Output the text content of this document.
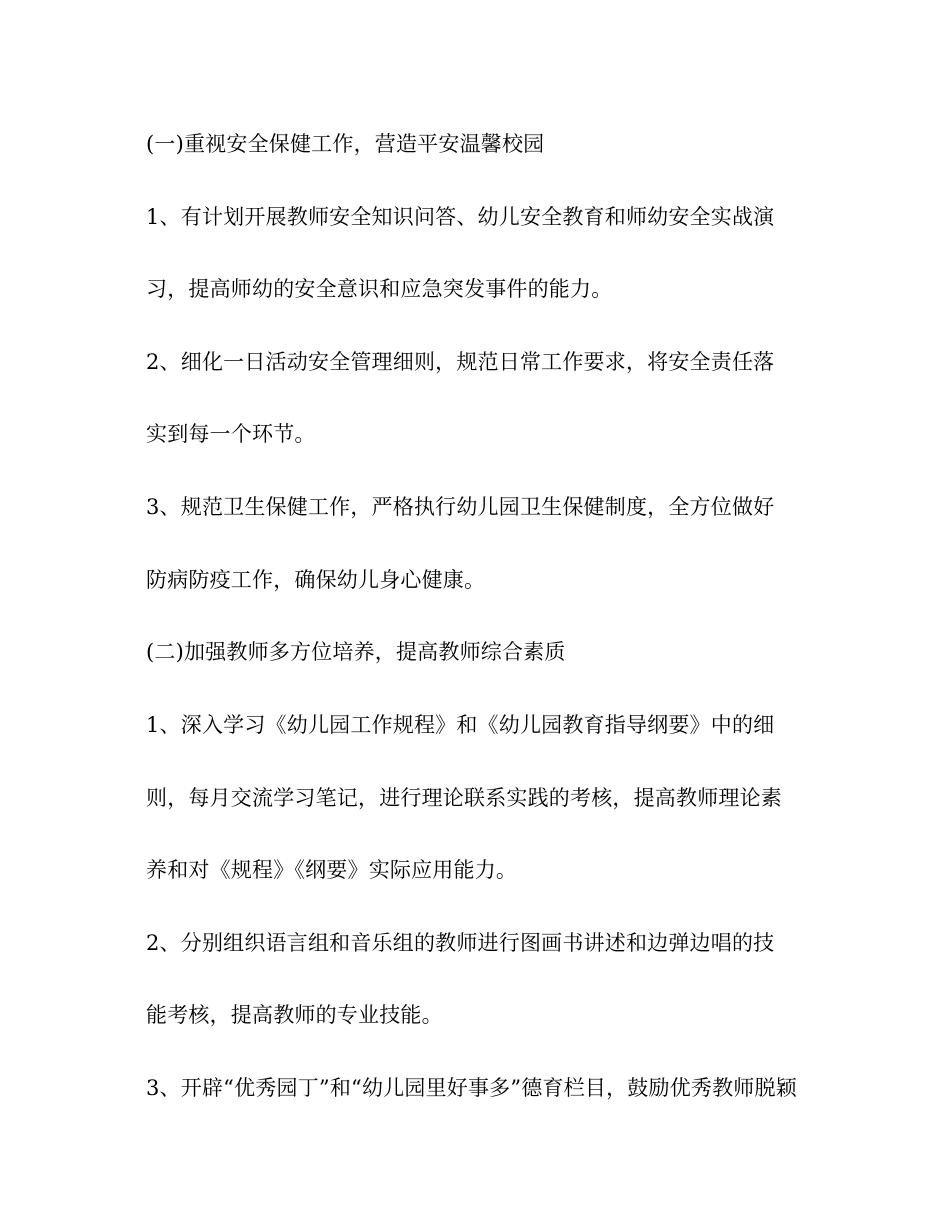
(一)重视安全保健工作，营造平安温馨校园
1、有计划开展教师安全知识问答、幼儿安全教育和师幼安全实战演
习，提高师幼的安全意识和应急突发事件的能力。
2、细化一日活动安全管理细则，规范日常工作要求，将安全责任落
实到每一个环节。
3、规范卫生保健工作，严格执行幼儿园卫生保健制度，全方位做好
防病防疫工作，确保幼儿身心健康。
(二)加强教师多方位培养，提高教师综合素质
1、深入学习《幼儿园工作规程》和《幼儿园教育指导纲要》中的细
则，每月交流学习笔记，进行理论联系实践的考核，提高教师理论素
养和对《规程》《纲要》实际应用能力。
2、分别组织语言组和音乐组的教师进行图画书讲述和边弹边唱的技
能考核，提高教师的专业技能。
3、开辟“优秀园丁”和“幼儿园里好事多”德育栏目，鼓励优秀教师脱颖
